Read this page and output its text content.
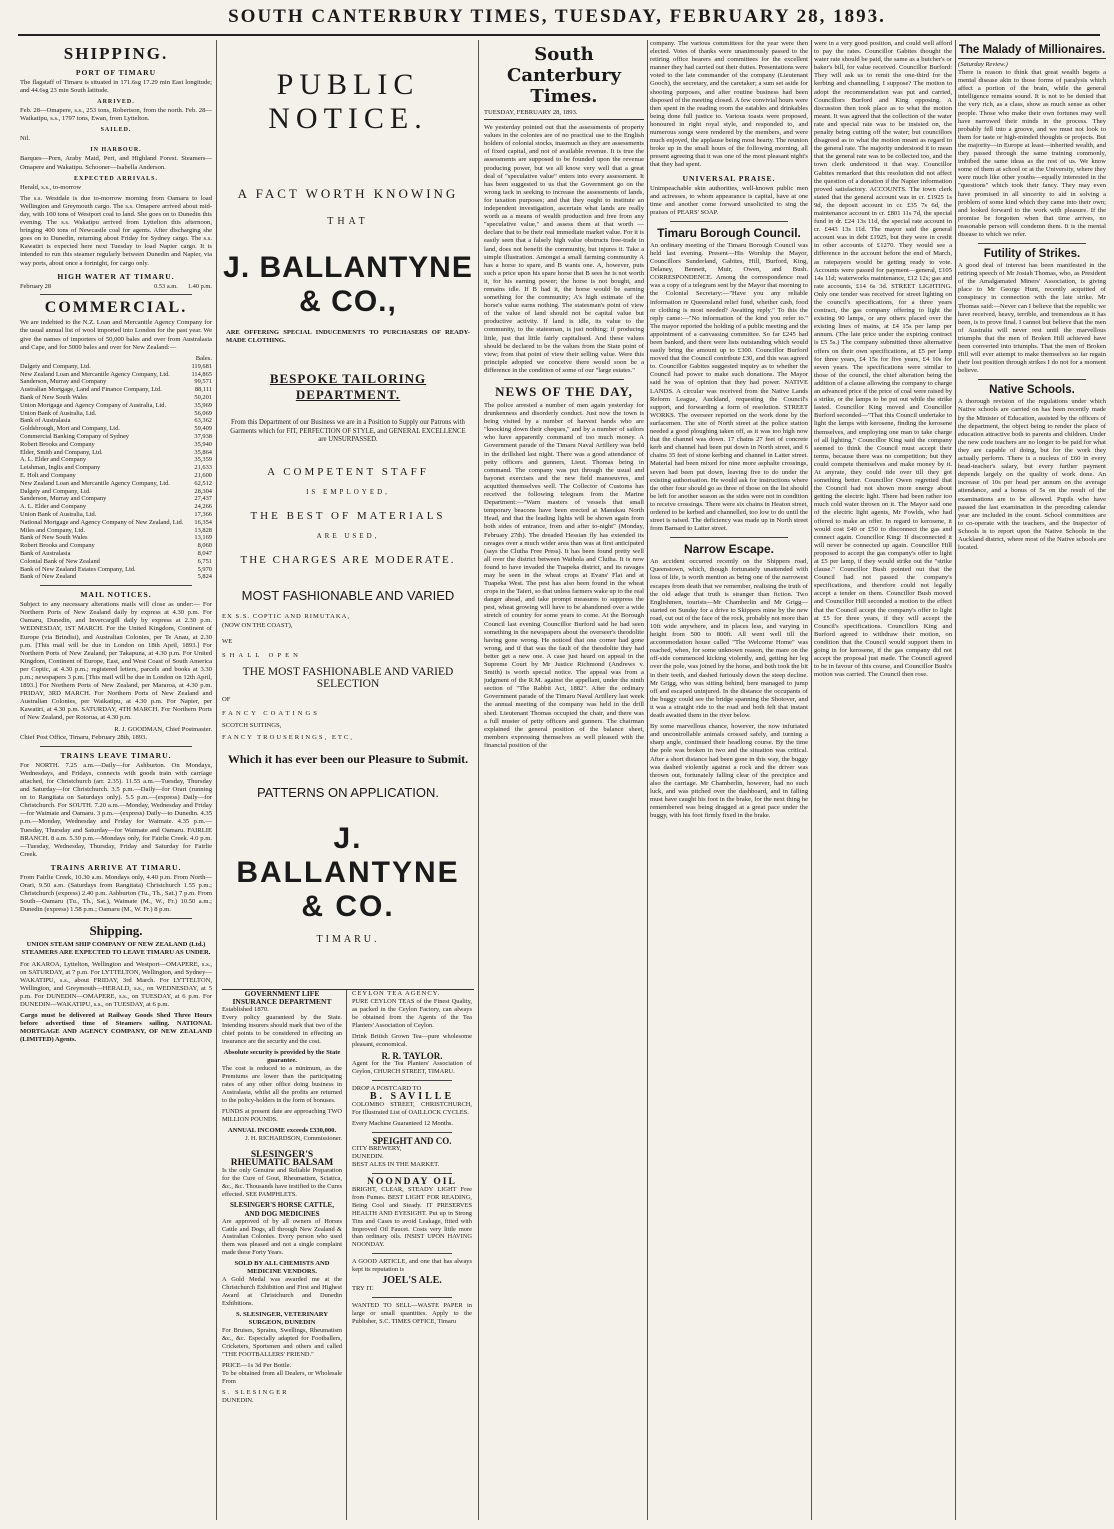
SOUTH CANTERBURY TIMES, TUESDAY, FEBRUARY 28, 1893.
SHIPPING.
PORT OF TIMARU
The flagstaff of Timaru is situated in 171.6sg 17.29 min East longitude; and 44.6sg 23 min South latitude.
ARRIVED.
Feb. 28—Omapere, s.s., 253 tons, Robertson, from the north. Feb. 28—Waikatipu, s.s., 1797 tons, Ewan, from Lyttelton.
SAILED.
Nil.
IN HARBOUR.
Barques—Porn, Araby Maid, Peri, and Highland Forest. Steamers—Omapere and Wakatipu. Schooner—Isabella Anderson.
EXPECTED ARRIVALS.
Herald, s.s., to-morrow
The s.s. Westdale is due to-morrow morning from Oamaru to load Wellington and Greymouth cargo. The s.s. Omapere arrived about mid-day, with 100 tons of Westport coal to land. She goes on to Dunedin this evening. The s.s. Wakatipu arrived from Lyttelton this afternoon, bringing 400 tons of Newcastle coal for agents. After discharging she goes on to Dunedin, returning about Friday for Sydney cargo. The s.s. Kawatiri is expected here next Tuesday to load Napier cargo. It is intended to run this steamer regularly between Dunedin and Napier, via way ports, about once a fortnight, for cargo only.
HIGH WATER AT TIMARU.
February 28	0.53 a.m. 1.40 p.m.
COMMERCIAL.
We are indebted to the N.Z. Loan and Mercantile Agency Company for the usual annual list of wool imported into London for the past year. We give the names of importers of 50,000 bales and over from Australasia and Cape, and for 5000 bales and over for New Zealand:—
Bales.
Dalgety and Company, Ltd.	119,681
New Zealand Loan and Mercantile Agency Company, Ltd.	114,865
Sanderson, Murray and Company	99,571
Australian Mortgage, Land and Finance Company, Ltd.	88,111
Bank of New South Wales	50,201
Union Mortgage and Agency Company of Australia, Ltd.	35,969
Union Bank of Australia, Ltd.	56,069
Bank of Australasia	63,362
Goldsbrough, Mort and Company, Ltd.	59,409
Commercial Banking Company of Sydney	37,938
Robert Brooks and Company	35,940
Elder, Smith and Company, Ltd.	35,864
A. L. Elder and Company	35,359
Leishman, Inglis and Company	21,633
E. Holt and Company	21,600
New Zealand Loan and Mercantile Agency Company, Ltd.	62,512
Dalgety and Company, Ltd.	28,304
Sanderson, Murray and Company	27,437
A. L. Elder and Company	24,266
Union Bank of Australia, Ltd.	17,366
National Mortgage and Agency Company of New Zealand, Ltd.	16,354
Miles and Company, Ltd.	13,828
Bank of New South Wales	13,169
Robert Brooks and Company	8,060
Bank of Australasia	8,047
Colonial Bank of New Zealand	6,751
Bank of New Zealand Estates Company, Ltd.	5,970
Bank of New Zealand	5,824
MAIL NOTICES.
Subject to any necessary alterations mails will close as under:— For Northern Ports of New Zealand daily by express at 4.30 p.m. For Oamaru, Dunedin, and Invercargill daily by express at 2.30 p.m. WEDNESDAY, 1ST MARCH. For the United Kingdom, Continent of Europe (via Brindisi), and Australian Colonies, per Te Anau, at 2.30 p.m. [This mail will be due in London on 18th April, 1893.] For Northern Ports of New Zealand, per Takapuna, at 4.30 p.m. For United Kingdom, Continent of Europe, East, and West Coast of South America per Coptic, at 4.30 p.m.; registered letters, parcels and books at 3.30 p.m.; newspapers 3 p.m. [This mail will be due in London on 12th April, 1893.] For Northern Ports of New Zealand, per Mararoa, at 4.30 p.m. FRIDAY, 3RD MARCH. For Northern Ports of New Zealand and Australian Colonies, per Waikatipu, at 4.30 p.m. For Napier, per Kawatiri, at 4.30 p.m. SATURDAY, 4TH MARCH. For Northern Ports of New Zealand, per Rotorua, at 4.30 p.m.
R. J. GOODMAN, Chief Postmaster.
Chief Post Office, Timaru, February 28th, 1893.
TRAINS LEAVE TIMARU.
For NORTH. 7.25 a.m.—Daily—for Ashburton. On Mondays, Wednesdays, and Fridays, connects with goods train with carriage attached, for Christchurch (arr. 2.35). 11.55 a.m.—Tuesday, Thursday and Saturday—for Christchurch. 3.5 p.m.—Daily—for Orari (running on to Rangitata on Saturdays only). 5.5 p.m.—(express) Daily—for Christchurch. For SOUTH. 7.20 a.m.—Monday, Wednesday and Friday —for Waimate and Oamaru. 3 p.m.—(express) Daily—to Dunedin. 4.35 p.m.—Monday, Wednesday and Friday for Waimate. 4.35 p.m.—Tuesday, Thursday and Saturday—for Waimate and Oamaru. FAIRLIE BRANCH. 8 a.m. 5.30 p.m.—Mondays only, for Fairlie Creek. 4.0 p.m.—Tuesday, Wednesday, Thursday, Friday and Saturday for Fairlie Creek.
TRAINS ARRIVE AT TIMARU.
From Fairlie Creek, 10.30 a.m. Mondays only, 4.40 p.m. From North—Orari, 9.50 a.m. (Saturdays from Rangitata) Christchurch 1.55 p.m.; Christchurch (express) 2.40 p.m. Ashburton (Tu., Th., Sat.) 7 p.m. From South—Oamaru (Tu., Th., Sat.), Waimate (M., W., Fr.) 10.50 a.m.; Dunedin (express) 1.58 p.m.; Oamaru (M., W. Fr.) 8 p.m.
Shipping.
UNION STEAM SHIP COMPANY OF NEW ZEALAND (Ltd.) STEAMERS ARE EXPECTED TO LEAVE TIMARU AS UNDER.
For AKAROA, Lyttelton, Wellington and Westport—OMAPERE, s.s., on SATURDAY, at 7 p.m. For LYTTELTON, Wellington, and Sydney—WAKATIPU, s.s., about FRIDAY, 3rd March. For LYTTELTON, Wellington, and Greymouth—HERALD, s.s., on WEDNESDAY, at 5 p.m. For DUNEDIN—OMAPERE, s.s., on TUESDAY, at 6 p.m. For DUNEDIN—WAKATIPU, s.s., on TUESDAY, at 6 p.m.
Cargo must be delivered at Railway Goods Shed Three Hours before advertised time of Steamers sailing. NATIONAL MORTGAGE AND AGENCY COMPANY, OF NEW ZEALAND (LIMITED) Agents.
PUBLIC NOTICE.
A FACT WORTH KNOWING
THAT
J. BALLANTYNE & CO.,
ARE OFFERING SPECIAL INDUCEMENTS TO PURCHASERS OF READY-MADE CLOTHING.
BESPOKE TAILORING DEPARTMENT.
From this Department of our Business we are in a Position to Supply our Patrons with Garments which for FIT, PERFECTION OF STYLE, and GENERAL EXCELLENCE are UNSURPASSED.
A COMPETENT STAFF
IS EMPLOYED,
THE BEST OF MATERIALS
ARE USED,
THE CHARGES ARE MODERATE.
MOST FASHIONABLE AND VARIED
EX S.S. COPTIC AND RIMUTAKA,
(NOW ON THE COAST),
WE
SHALL OPEN
THE MOST FASHIONABLE AND VARIED SELECTION
OF
FANCY COATINGS
SCOTCH SUITINGS,
FANCY TROUSERINGS, ETC,
Which it has ever been our Pleasure to Submit.
PATTERNS ON APPLICATION.
J. BALLANTYNE & CO.
TIMARU.
GOVERNMENT LIFE INSURANCE DEPARTMENT
Established 1870.
Every policy guaranteed by the State. Intending insurers should mark that two of the chief points to be considered in effecting an insurance are the security and the cost.
Absolute security is provided by the State guarantee.
The cost is reduced to a minimum, as the Premiums are lower than the participating rates of any other office doing business in Australasia, whilst all the profits are returned to the policy-holders in the form of bonuses.
FUNDS at present date are approaching TWO MILLION POUNDS.
ANNUAL INCOME exceeds £330,000.
J. H. RICHARDSON, Commissioner.
SLESINGER'S RHEUMATIC BALSAM
Is the only Genuine and Reliable Preparation for the Cure of Gout, Rheumatism, Sciatica, &c., &c. Thousands have testified to the Cures effected. SEE PAMPHLETS.
SLESINGER'S HORSE CATTLE, AND DOG MEDICINES
Are approved of by all owners of Horses Cattle and Dogs, all through New Zealand & Australian Colonies. Every person who used them was pleased and not a single complaint made these Forty Years.
SOLD BY ALL CHEMISTS AND MEDICINE VENDORS.
A Gold Medal was awarded me at the Christchurch Exhibition and First and Highest Award at Christchurch and Dunedin Exhibitions.
S. SLESINGER, VETERINARY SURGEON, DUNEDIN
For Bruises, Sprains, Swellings, Rheumatism &c., &c. Especially adapted for Footballers, Cricketers, Sportsmen and others and called "THE FOOTBALLERS' FRIEND."
PRICE—1s 3d Per Bottle.
To be obtained from all Dealers, or Wholesale From
S. SLESINGER
DUNEDIN.
CEYLON TEA AGENCY.
PURE CEYLON TEAS of the Finest Quality, as packed in the Ceylon Factory, can always be obtained from the Agents of the Tea Planters' Association of Ceylon.
Drink British Grown Tea—pure wholesome pleasant, economical.
R. R. TAYLOR.
Agent for the Tea Planters' Association of Ceylon, CHURCH STREET, TIMARU.
DROP A POSTCARD TO
B. SAVILLE
COLOMBO STREET, CHRISTCHURCH, For Illustrated List of OAILLOCK CYCLES.
Every Machine Guaranteed 12 Months.
SPEIGHT AND CO.
CITY BREWERY,
DUNEDIN.
BEST ALES IN THE MARKET.
NOONDAY OIL
BRIGHT, CLEAR, STEADY LIGHT Free from Fumes. BEST LIGHT FOR READING, Being Cool and Steady. IT PRESERVES HEALTH AND EYESIGHT. Put up in Strong Tins and Cases to avoid Leakage, fitted with Improved Oil Faucet. Costs very little more than ordinary oils. INSIST UPON HAVING NOONDAY.
A GOOD ARTICLE, and one that has always kept its reputation is
JOEL'S ALE.
TRY IT.
WANTED TO SELL—WASTE PAPER in large or small quantities. Apply to the Publisher, S.C. TIMES OFFICE, Timaru
South Canterbury Times.
TUESDAY, FEBRUARY 28, 1893.
We yesterday pointed out that the assessments of property values in the colonies are of no practical use to the English holders of colonial stocks, inasmuch as they are assessments of fixed capital, and not of available revenue. It is true the assessments are supposed to be founded upon the revenue producing power, but we all know very well that a great deal of "speculative value" enters into every assessment. It has been suggested to us that the Government go on the wrong tack in seeking to increase the assessments of lands, for taxation purposes; and that they ought to institute an independent investigation, ascertain what lands are really worth as a means of wealth production and free from any "speculative value," and assess them at that worth — declare that to be their real immediate market value. For it is easily seen that a falsely high value obstructs free-trade in land, does not benefit the community, but injures it. Take a simple illustration. Amongst a small farming community A has a horse to spare, and B wants one. A, however, puts such a price upon his spare horse that B sees he is not worth it, for his earning power; the horse is not bought, and remains idle. If B had it, the horse would be earning something for the community; A's high estimate of the horse's value earns nothing. The statesman's point of view of the value of land should not be capital value but productive activity. If land is idle, its value to the community, to the statesman, is just nothing; if producing little, just that little fairly capitalised. And these values should be declared to be the values from the State point of view; from that point of view their selling value. Were this principle adopted we conceive there would soon be a difference in the condition of some of our "large estates."
NEWS OF THE DAY,
The police arrested a number of men again yesterday for drunkenness and disorderly conduct. Just now the town is being visited by a number of harvest hands who are "knocking down their cheques," and by a number of sailors who have apparently command of too much money. A Government parade of the Timaru Naval Artillery was held in the drillshed last night. There was a good attendance of petty officers and gunners, Lieut. Thomas being in command. The company was put through the usual and bayonet exercises and the new field manoeuvres, and acquitted themselves well. The Collector of Customs has received the following telegram from the Marine Department:—"Warn masters of vessels that small temporary beacons have been erected at Manukau North Head, and that the leading lights will be shown again from both sides of entrance, from and after to-night" (Monday, February 27th). The dreaded Hessian fly has extended its ravages over a much wider area than was at first anticipated (says the Clutha Free Press). It has been found pretty well all over the district between Waihola and Clutha. It is now found to have invaded the Tuapeka district, and its ravages may be seen in the wheat crops at Evans' Flat and at Tuapeka West. The pest has also been found in the wheat crops in the Taieri, so that unless farmers wake up to the real danger ahead, and take prompt measures to suppress the pest, wheat growing will have to be abandoned over a wide stretch of country for some years to come. At the Borough Council last evening Councillor Burford said he had seen something in the newspapers about the overseer's theodolite having gone wrong. He noticed that one corner had gone wrong, and if that was the fault of the theodolite they had better get a new one. A case just heard on appeal in the Supreme Court by Mr Justice Richmond (Andrews v. Smith) is worth special notice. The appeal was from a judgment of the R.M. against the appellant, under the ninth section of "The Rabbit Act, 1882". After the ordinary Government parade of the Timaru Naval Artillery last week the annual meeting of the company was held in the drill shed. Lieutenant Thomas occupied the chair, and there was a full muster of petty officers and gunners. The chairman explained the general position of the balance sheet, members expressing themselves as well pleased with the financial position of the
company. The various committees for the year were then elected. Votes of thanks were unanimously passed to the retiring office bearers and committees for the excellent manner they had carried out their duties. Presentations were voted to the late commander of the company (Lieutenant Gooch), the secretary, and the caretaker; a sum set aside for shooting purposes, and after routine business had been disposed of the meeting closed. A few convivial hours were then spent in the reading room the eatables and drinkables being done full justice to. Various toasts were proposed, honoured in right royal style, and responded to, and numerous songs were rendered by the members, and were much enjoyed, the applause being most hearty. The reunion broke up in the small hours of the following morning, all present agreeing that it was one of the most pleasant night's that they had spent.
UNIVERSAL PRAISE.
Unimpeachable skin authorities, well-known public men and actresses, to whom appearance is capital, have at one time and another come forward unsolicited to sing the praises of PEARS' SOAP.
Timaru Borough Council.
An ordinary meeting of the Timaru Borough Council was held last evening. Present—His Worship the Mayor, Councillors Sunderland, Gabites, Hill, Burford, King, Delaney, Bennett, Muir, Owen, and Bush. CORRESPONDENCE. Among the correspondence read was a copy of a telegram sent by the Mayor that morning to the Colonial Secretary:—"Have you any reliable information re Queensland relief fund, whether cash, food or clothing is most needed? Awaiting reply." To this the reply came:—"No information of the kind you refer to." The mayor reported the holding of a public meeting and the appointment of a canvassing committee. So far £245 had been banked, and there were lists outstanding which would easily bring the amount up to £300. Councillor Burford moved that the Council contribute £30, and this was agreed to. Councillor Gabites suggested inquiry as to whether the Council had power to make such donations. The Mayor said he was of opinion that they had power. NATIVE LANDS. A circular was received from the Native Lands Reform League, Auckland, requesting the Council's support, and forwarding a form of resolution. STREET WORKS. The overseer reported on the work done by the surfacemen. The site of North street at the police station needed a good ploughing taken off, as it was too high now that the channel was down. 17 chains 27 feet of concrete kerb and channel had been put down in North street, and 6 chains 35 feet of stone kerbing and channel in Latter street. Material had been mixed for nine more asphalte crossings, seven had been put down, leaving five to do under the existing authorisation. He would ask for instructions where the other four should go as three of those on the list should be left for another season as the sides were not in condition to receive crossings. There were six chains in Heaton street, ordered to be kerbed and channelled, too low to do until the street is raised. The deficiency was made up in North street from Barnard to Latter street.
Narrow Escape.
An accident occurred recently on the Shippers road, Queenstown, which, though fortunately unattended with loss of life, is worth mention as being one of the narrowest escapes from death that we remember, realising the truth of the old adage that truth is stranger than fiction. Two Englishmen, tourists—Mr Chamberlin and Mr Grigg—started on Sunday for a drive to Skippers mine by the new road, cut out of the face of the rock, probably not more than 10ft wide anywhere, and in places less, and varying in height from 500 to 800ft. All went well till the accommodation house called "The Welcome Home" was reached, when, for some unknown reason, the mare on the off-side commenced kicking violently, and, getting her leg over the pole, was joined by the horse, and both took the bit in their teeth, and dashed furiously down the steep decline. Mr Grigg, who was sitting behind, here managed to jump off and escaped uninjured. In the distance the occupants of the buggy could see the bridge spanning the Shotover, and it was a straight ride to the road and both felt that instant death awaited them in the river below.
By some marvellous chance, however, the now infuriated and uncontrollable animals crossed safely, and turning a sharp angle, continued their headlong course. By the time the pole was broken in two and the situation was critical. After a short distance had been gone in this way, the buggy was dashed violently against a rock and the driver was thrown out, fortunately falling clear of the precipice and also the carriage. Mr Chamberlin, however, had no such luck, and was pitched over the dashboard, and in falling must have caught his foot in the brake, for the next thing he remembered was being dragged at a great pace under the buggy, with his foot firmly fixed in the brake.
were in a very good position, and could well afford to pay the rates. Councillor Gabites thought the water rate should be paid, the same as a butcher's or baker's bill, for value received. Councillor Burford: They will ask us to remit the one-third for the kerbing and channelling, I suppose? The motion to adopt the recommendation was put and carried, Councillors Burford and King opposing. A discussion then took place as to what the motion meant. It was agreed that the collection of the water rate and special rate was to be insisted on, the penalty being cutting off the water; but councillors disagreed as to what the motion meant as regard to the general rate. The majority understood it to mean that the general rate was to be collected too, and the town clerk understood it that way. Councillor Gabites remarked that this resolution did not affect the question of a donation if the Napier information proved satisfactory. ACCOUNTS. The town clerk stated that the general account was in cr. £1925 1s 9d, the deposit account in cr. £35 7s 6d, the maintenance account in cr. £801 11s 7d, the special fund in dr. £24 13s 11d, the special rate account in cr. £443 13s 11d. The mayor said the general account was in debt £1925, but they were in credit in other accounts of £1270. They would see a difference in the account before the end of March, as ratepayers would be getting ready to vote. Accounts were passed for payment—general, £105 14s 11d; waterworks maintenance, £12 12s; gas and rate accounts, £14 6s 3d. STREET LIGHTING. Only one tender was received for street lighting on the council's specifications, for a three years contract, the gas company offering to light the existing 90 lamps, or any others placed over the existing lines of mains, at £4 15s per lamp per annum. (The late price under the expiring contract is £5 5s.) The company submitted three alternative offers on their own specifications, at £5 per lamp for three years, £4 15s for five years, £4 10s for seven years. The specifications were similar to those of the council, the chief alteration being the addition of a clause allowing the company to charge an advanced price if the price of coal were raised by a strike, or the lamps to be put out while the strike lasted. Councillor King moved and Councillor Burford seconded—"That this Council undertake to light the lamps with kerosene, finding the kerosene themselves, and employing one man to take charge of all lighting." Councillor King said the company seemed to think the Council must accept their terms, because there was no competition; but they could compete themselves and make money by it. At anyrate, they could tide over till they got something better. Councillor Owen regretted that the Council had not shown more energy about getting the electric light. There had been rather too much cold water thrown on it. The Mayor said one of the electric light agents, Mr Fowlds, who had offered to make an offer. In regard to kerosene, it would cost £40 or £50 to disconnect the gas and connect again. Councillor King: If disconnected it will never be connected up again. Councillor Hill proposed to accept the gas company's offer to light at £5 per lamp, if they would strike out the "strike clause." Councillor Bush pointed out that the Council had not passed the company's specifications, and therefore could not legally accept a tender on them. Councillor Bush moved and Councillor Hill seconded a motion to the effect that the Council accept the company's offer to light at £5 for three years, if they will accept the Council's specifications. Councillors King and Burford agreed to withdraw their motion, on condition that the Council would support them in going in for kerosene, if the gas company did not accept the proposal just made. The Council agreed to be in favour of this course, and Councillor Bush's motion was carried. The Council then rose.
The Malady of Millionaires.
(Saturday Review.)
There is reason to think that great wealth begets a mental disease akin to those forms of paralysis which affect a portion of the brain, while the general intelligence remains sound. It is not to be denied that the very rich, as a class, show as much sense as other people. Those who make their own fortunes may well have narrowed their minds in the process. They probably fell into a groove, and we must not look to them for taste or high-minded thoughts or projects. But the majority—in Europe at least—inherited wealth, and they passed through the same training commonly, imbibed the same ideas as the rest of us. We know some of them at school or at the University, where they were much like other youths—equally interested in the "questions" which took their fancy. They may even have promised in all sincerity to aid in solving a problem of some kind which they came into their own; and looked forward to the work with pleasure. If the promise be forgotten when that time arrives, no reasonable person will condemn them. It is the mental disease to which we refer.
Futility of Strikes.
A good deal of interest has been manifested in the retiring speech of Mr Josiah Thomas, who, as President of the Amalgamated Miners' Association, is giving place to Mr George Hunt, recently acquitted of conspiracy in connection with the late strike. Mr Thomas said:—Never can I believe that the republic we have received, heavy, terrible, and tremendous as it has been, is to prove final. I cannot but believe that the men of Australia will never rest until the marvellous triumphs that the men of Broken Hill achieved have been converted into triumphs. That the men of Broken Hill will ever attempt to make themselves so far regain their lost position through strikes I do not for a moment believe.
Native Schools.
A thorough revision of the regulations under which Native schools are carried on has been recently made by the Minister of Education, assisted by the officers of the department, the object being to render the place of education attractive both to parents and children. Under the new code teachers are no longer to be paid for what they are capable of doing, but for the work they actually perform. There is a nucleus of £60 in every head-teacher's salary, but every further payment depends largely on the quality of work done. An increase of 10s per head per annum on the average attendance, and a bonus of 5s on the result of the examinations are to be allowed. Pupils who have passed the last examination in the preceding calendar year are included in the count. School committees are to co-operate with the teachers, and the Inspector of Schools is to report upon the Native Schools in the Auckland district, where most of the Native schools are located.
